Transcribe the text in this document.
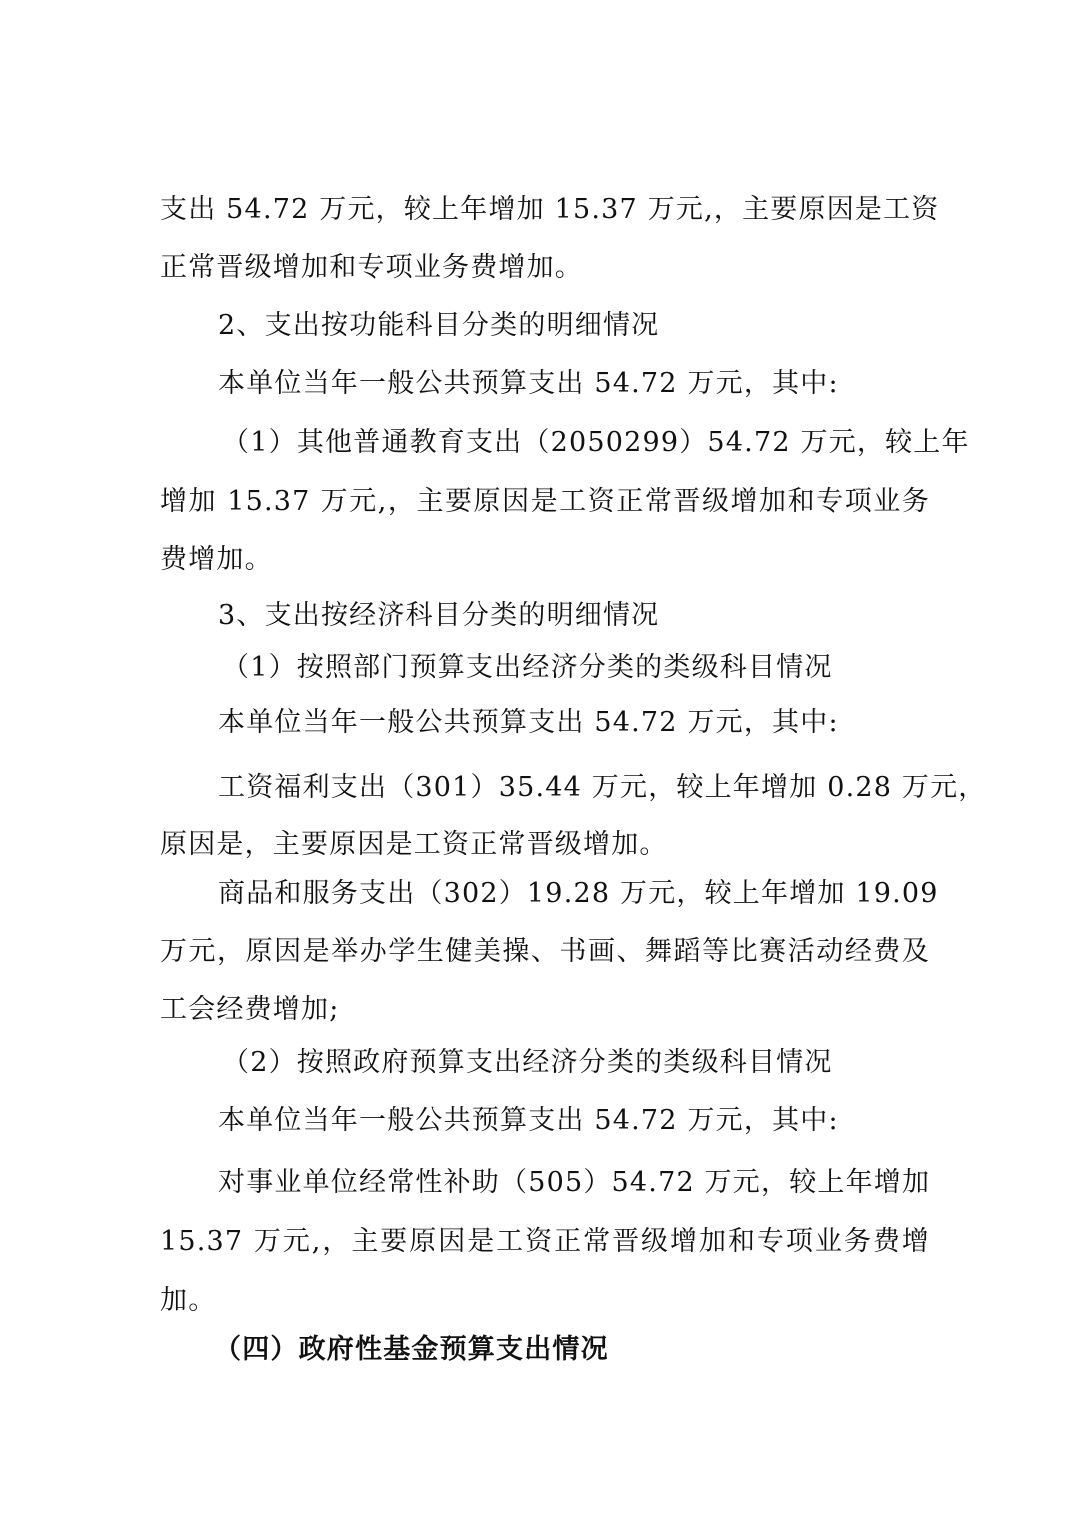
支出 54.72 万元，较上年增加 15.37 万元,，主要原因是工资
正常晋级增加和专项业务费增加。
2、支出按功能科目分类的明细情况
本单位当年一般公共预算支出 54.72 万元，其中:
（1）其他普通教育支出（2050299）54.72 万元，较上年
增加 15.37 万元,，主要原因是工资正常晋级增加和专项业务
费增加。
3、支出按经济科目分类的明细情况
（1）按照部门预算支出经济分类的类级科目情况
本单位当年一般公共预算支出 54.72 万元，其中:
工资福利支出（301）35.44 万元，较上年增加 0.28 万元，
原因是，主要原因是工资正常晋级增加。
商品和服务支出（302）19.28 万元，较上年增加 19.09
万元，原因是举办学生健美操、书画、舞蹈等比赛活动经费及
工会经费增加;
（2）按照政府预算支出经济分类的类级科目情况
本单位当年一般公共预算支出 54.72 万元，其中:
对事业单位经常性补助（505）54.72 万元，较上年增加
15.37 万元,，主要原因是工资正常晋级增加和专项业务费增
加。
（四）政府性基金预算支出情况
